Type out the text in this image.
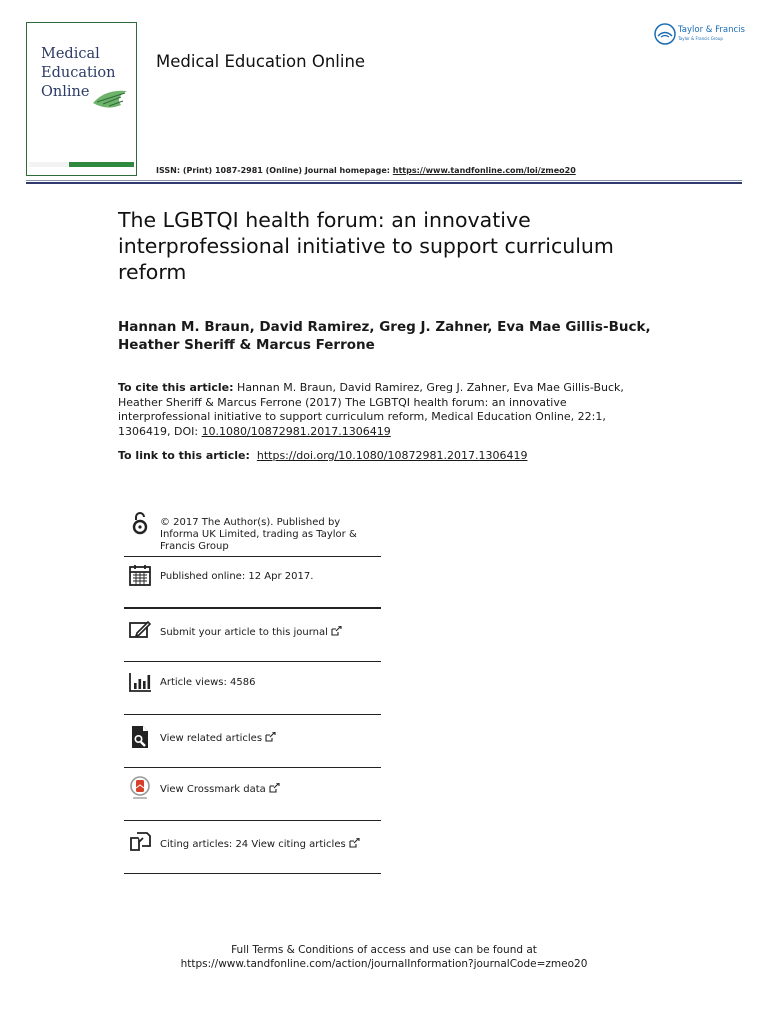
Medical
Education
Online
Medical Education Online
Taylor & Francis
Taylor & Francis Group
ISSN: (Print) 1087-2981 (Online) Journal homepage: https://www.tandfonline.com/loi/zmeo20
The LGBTQI health forum: an innovative interprofessional initiative to support curriculum reform
Hannan M. Braun, David Ramirez, Greg J. Zahner, Eva Mae Gillis-Buck, Heather Sheriff & Marcus Ferrone
To cite this article: Hannan M. Braun, David Ramirez, Greg J. Zahner, Eva Mae Gillis-Buck, Heather Sheriff & Marcus Ferrone (2017) The LGBTQI health forum: an innovative interprofessional initiative to support curriculum reform, Medical Education Online, 22:1, 1306419, DOI: 10.1080/10872981.2017.1306419
To link to this article: https://doi.org/10.1080/10872981.2017.1306419
© 2017 The Author(s). Published by Informa UK Limited, trading as Taylor & Francis Group
Published online: 12 Apr 2017.
Submit your article to this journal
Article views: 4586
View related articles
View Crossmark data
Citing articles: 24 View citing articles
Full Terms & Conditions of access and use can be found at
https://www.tandfonline.com/action/journalInformation?journalCode=zmeo20
